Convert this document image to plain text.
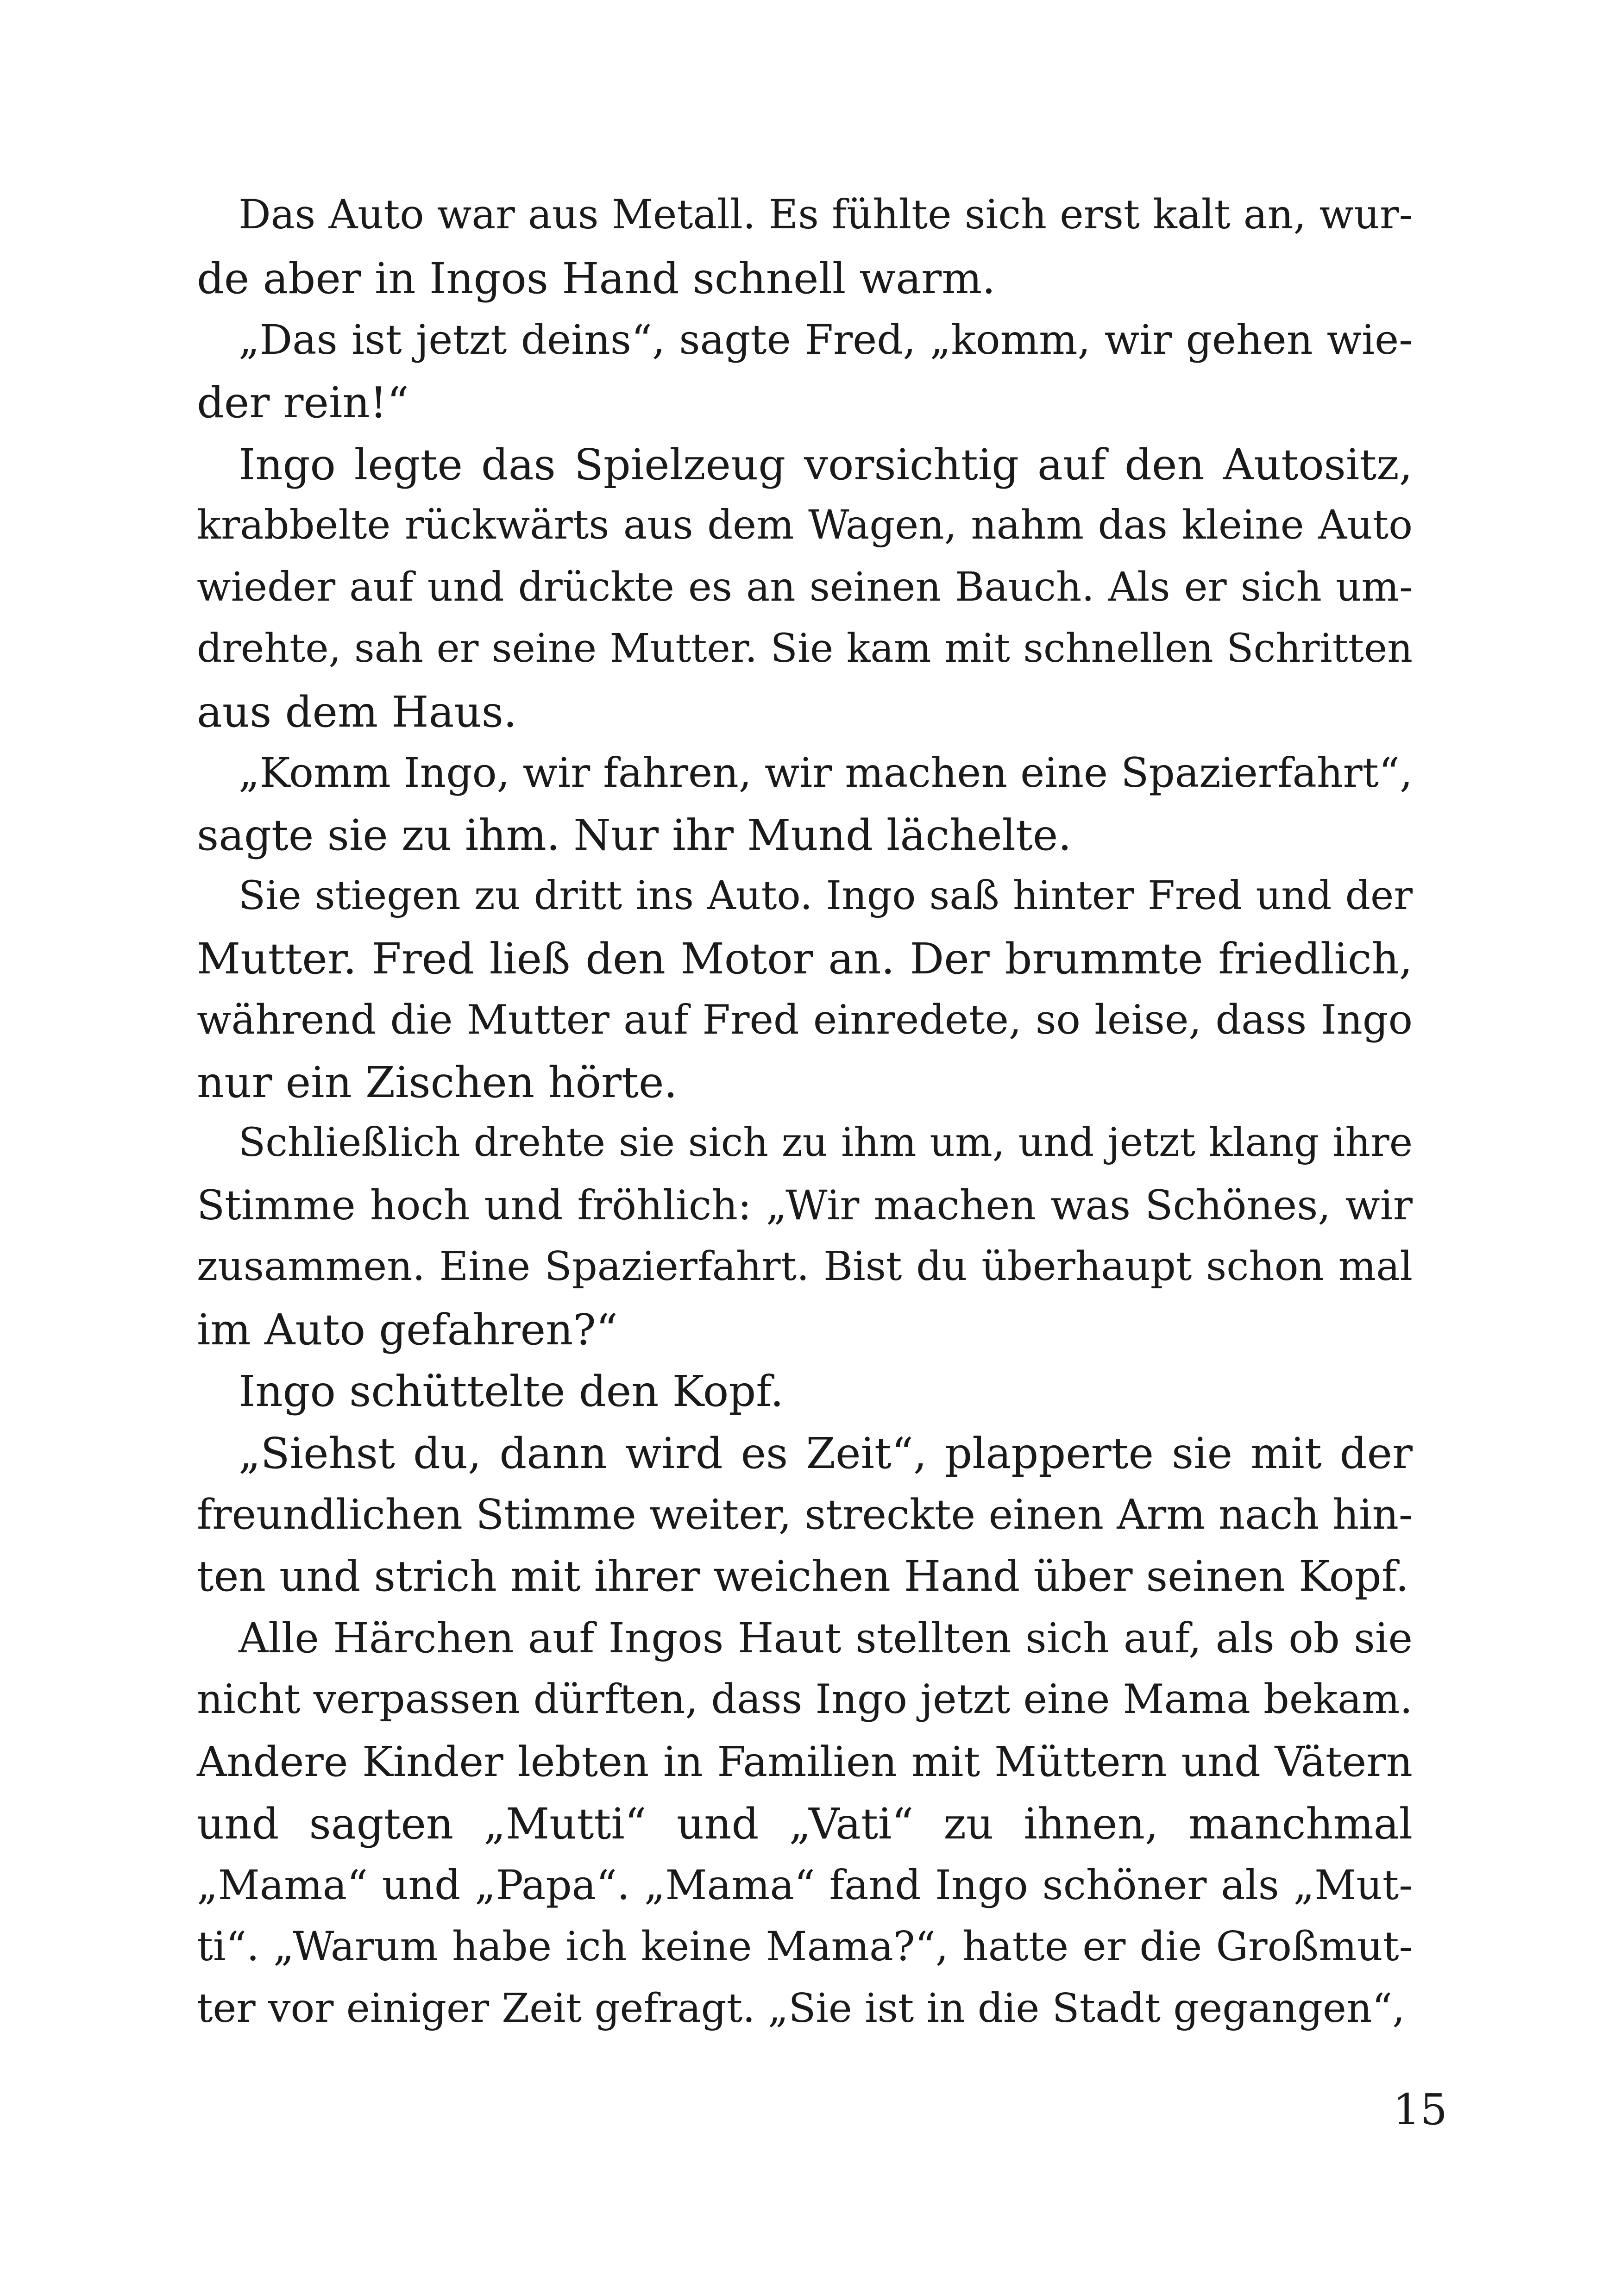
Das Auto war aus Metall. Es fühlte sich erst kalt an, wur-
de aber in Ingos Hand schnell warm.
„Das ist jetzt deins“, sagte Fred, „komm, wir gehen wie-
der rein!“
Ingo legte das Spielzeug vorsichtig auf den Autositz,
krabbelte rückwärts aus dem Wagen, nahm das kleine Auto
wieder auf und drückte es an seinen Bauch. Als er sich um-
drehte, sah er seine Mutter. Sie kam mit schnellen Schritten
aus dem Haus.
„Komm Ingo, wir fahren, wir machen eine Spazierfahrt“,
sagte sie zu ihm. Nur ihr Mund lächelte.
Sie stiegen zu dritt ins Auto. Ingo saß hinter Fred und der
Mutter. Fred ließ den Motor an. Der brummte friedlich,
während die Mutter auf Fred einredete, so leise, dass Ingo
nur ein Zischen hörte.
Schließlich drehte sie sich zu ihm um, und jetzt klang ihre
Stimme hoch und fröhlich: „Wir machen was Schönes, wir
zusammen. Eine Spazierfahrt. Bist du überhaupt schon mal
im Auto gefahren?“
Ingo schüttelte den Kopf.
„Siehst du, dann wird es Zeit“, plapperte sie mit der
freundlichen Stimme weiter, streckte einen Arm nach hin-
ten und strich mit ihrer weichen Hand über seinen Kopf.
Alle Härchen auf Ingos Haut stellten sich auf, als ob sie
nicht verpassen dürften, dass Ingo jetzt eine Mama bekam.
Andere Kinder lebten in Familien mit Müttern und Vätern
und sagten „Mutti“ und „Vati“ zu ihnen, manchmal
„Mama“ und „Papa“. „Mama“ fand Ingo schöner als „Mut-
ti“. „Warum habe ich keine Mama?“, hatte er die Großmut-
ter vor einiger Zeit gefragt. „Sie ist in die Stadt gegangen“,
15
